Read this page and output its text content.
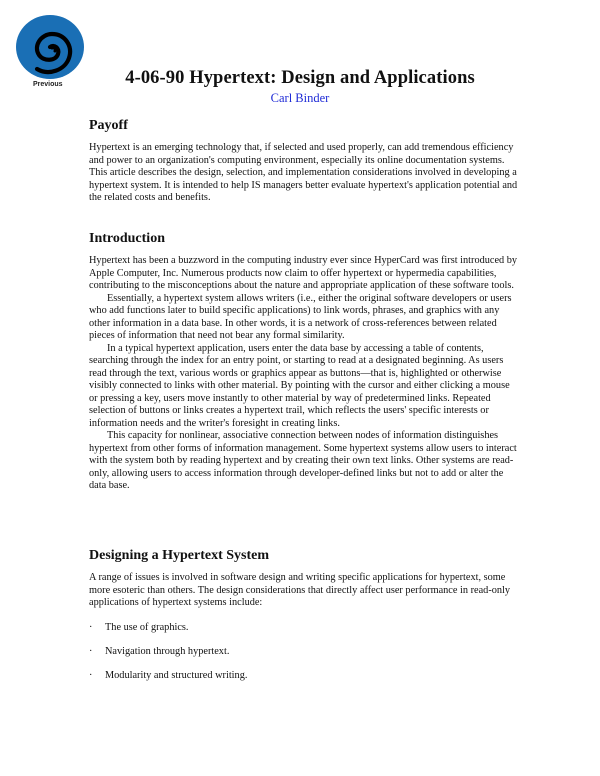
Previous	4-06-90 Hypertext: Design and Applications
Carl Binder
Payoff

Hypertext is an emerging technology that, if selected and used properly, can add tremendous efficiency and power to an organization's computing environment, especially its online documentation systems. This article describes the design, selection, and implementation considerations involved in developing a hypertext system. It is intended to help IS managers better evaluate hypertext's application potential and the related costs and benefits.

Introduction

Hypertext has been a buzzword in the computing industry ever since HyperCard was first introduced by Apple Computer, Inc. Numerous products now claim to offer hypertext or hypermedia capabilities, contributing to the misconceptions about the nature and appropriate application of these software tools.

Essentially, a hypertext system allows writers (i.e., either the original software developers or users who add functions later to build specific applications) to link words, phrases, and graphics with any other information in a data base. In other words, it is a network of cross-references between related pieces of information that need not bear any formal similarity.

In a typical hypertext application, users enter the data base by accessing a table of contents, searching through the index for an entry point, or starting to read at a designated beginning. As users read through the text, various words or graphics appear as buttons—that is, highlighted or otherwise visibly connected to links with other material. By pointing with the cursor and either clicking a mouse or pressing a key, users move instantly to other material by way of predetermined links. Repeated selection of buttons or links creates a hypertext trail, which reflects the users' specific interests or information needs and the writer's foresight in creating links.

This capacity for nonlinear, associative connection between nodes of information distinguishes hypertext from other forms of information management. Some hypertext systems allow users to interact with the system both by reading hypertext and by creating their own text links. Other systems are read-only, allowing users to access information through developer-defined links but not to add or alter the data base.

Designing a Hypertext System

A range of issues is involved in software design and writing specific applications for hypertext, some more esoteric than others. The design considerations that directly affect user performance in read-only applications of hypertext systems include:

· The use of graphics.
· Navigation through hypertext.
· Modularity and structured writing.
